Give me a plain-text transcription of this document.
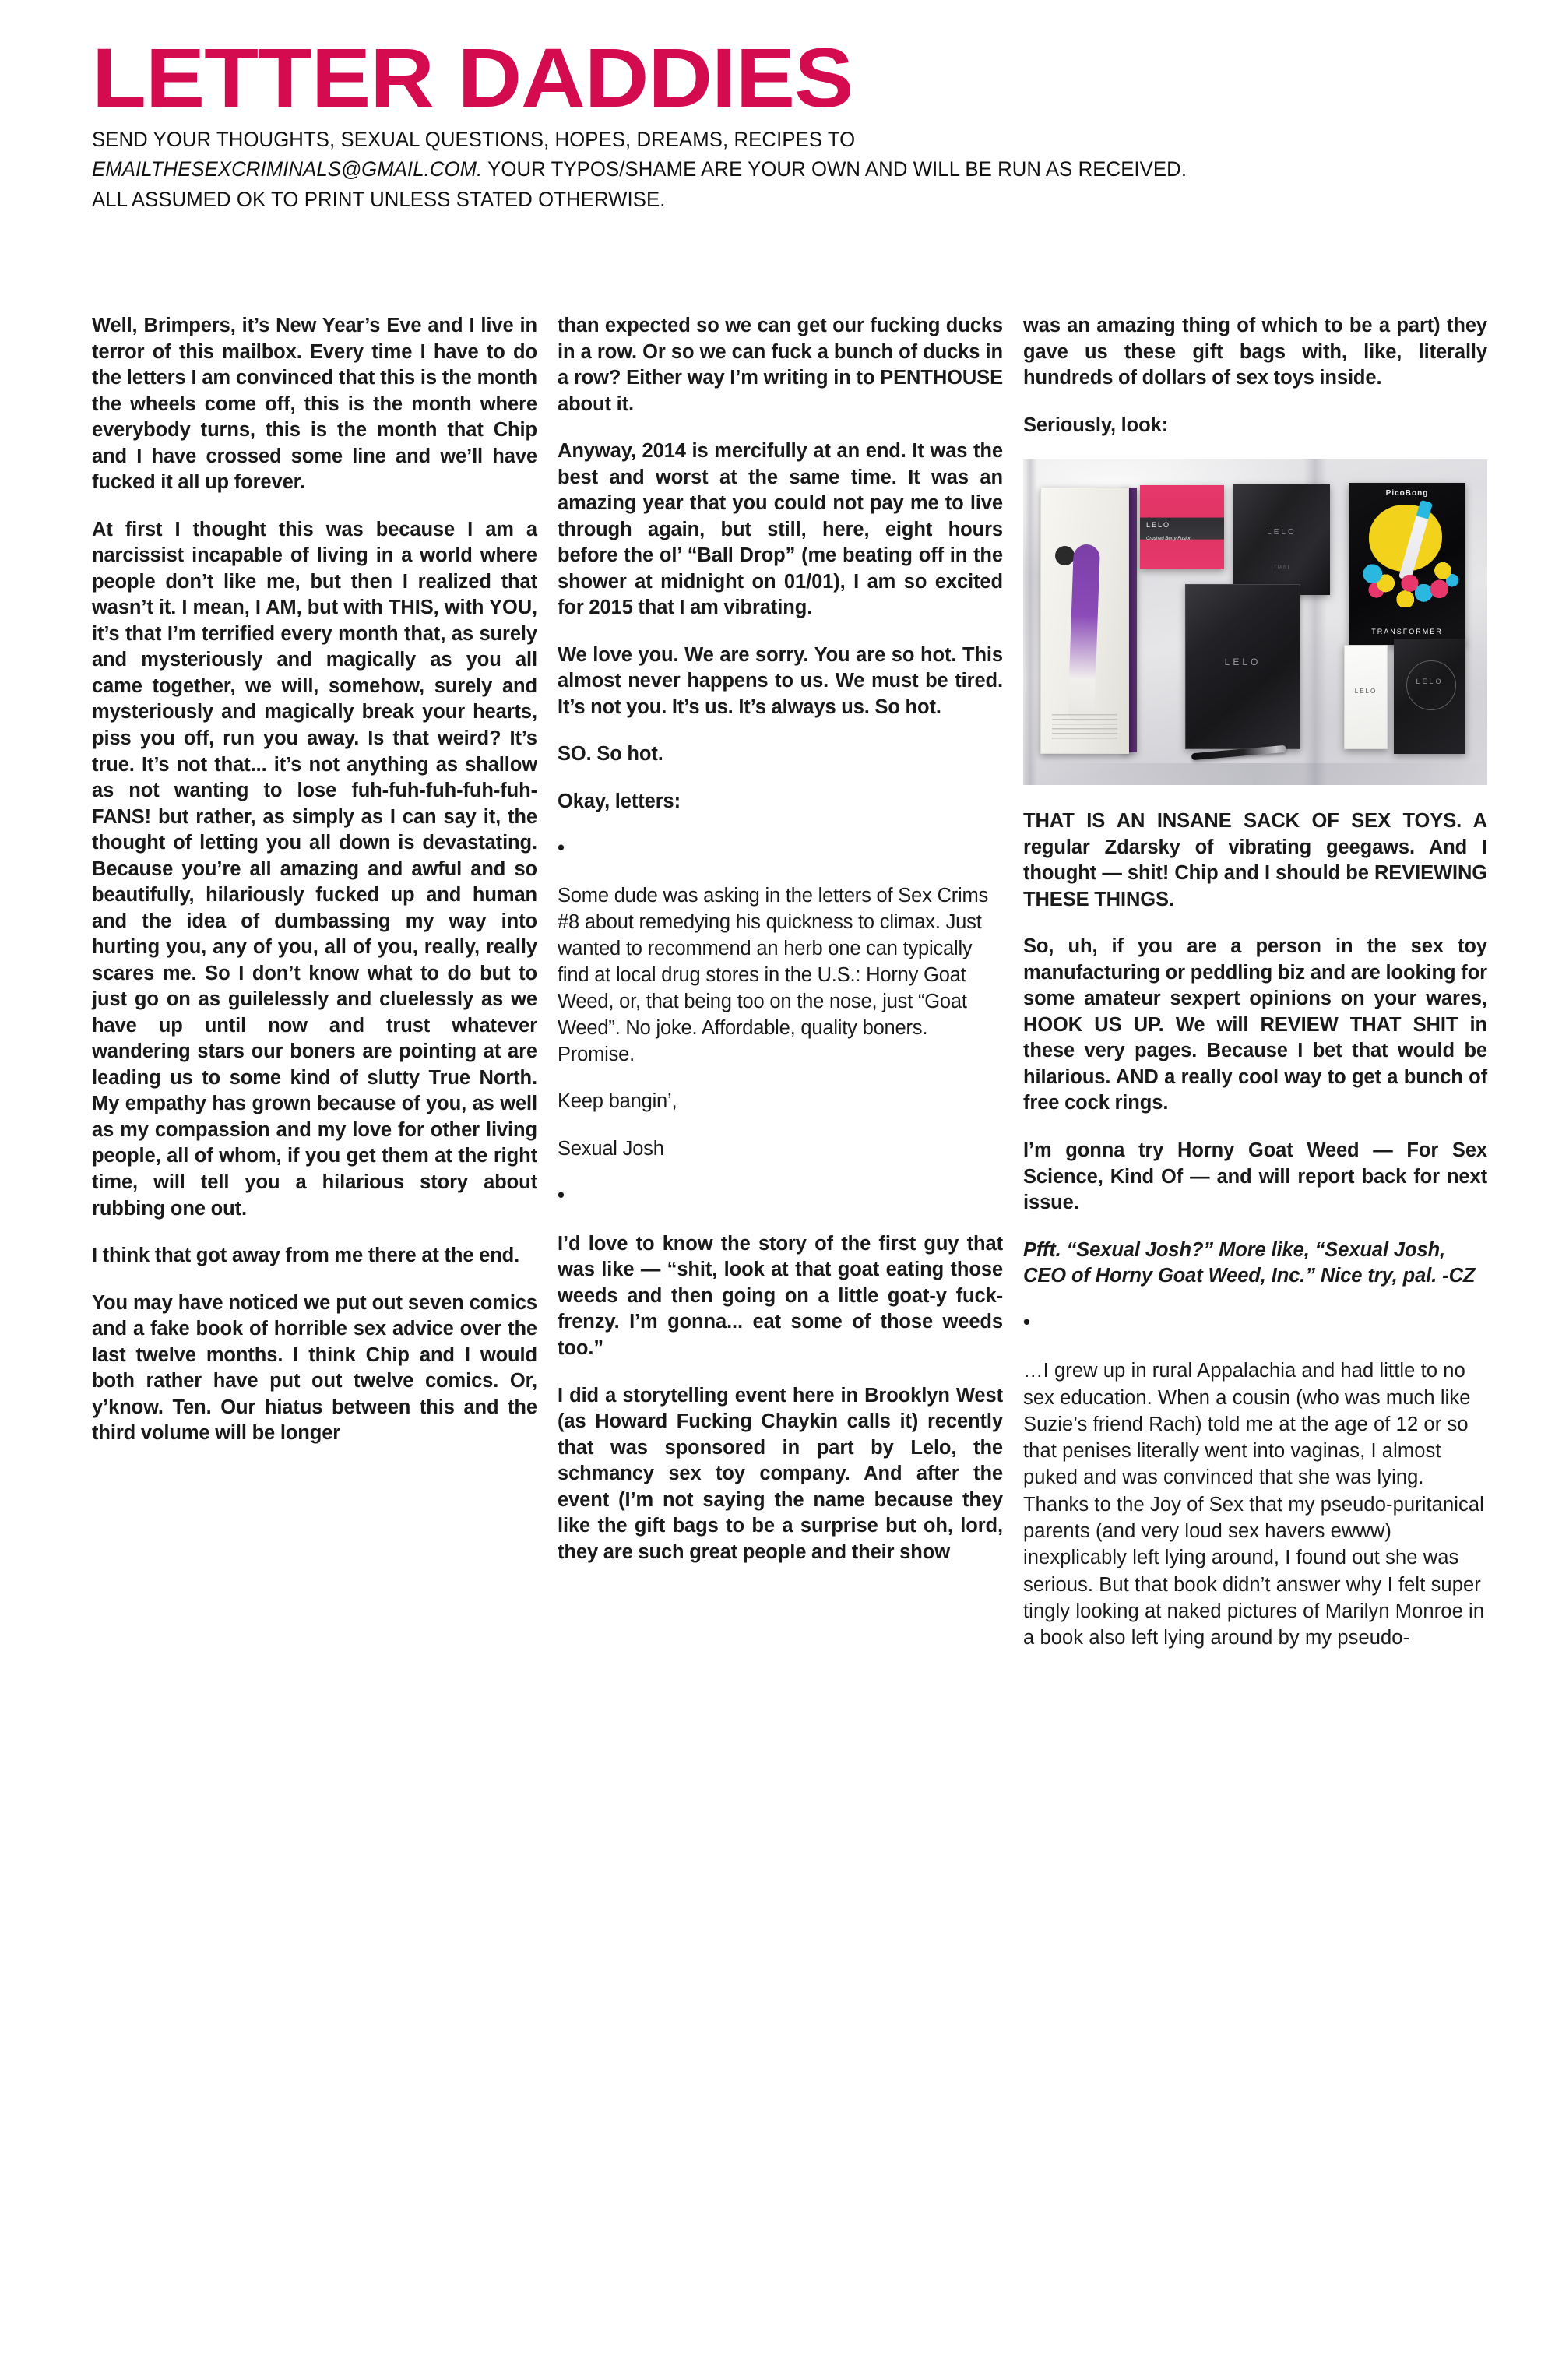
LETTER DADDIES

SEND YOUR THOUGHTS, SEXUAL QUESTIONS, HOPES, DREAMS, RECIPES TO
EMAILTHESEXCRIMINALS@GMAIL.COM. YOUR TYPOS/SHAME ARE YOUR OWN AND WILL BE RUN AS RECEIVED.
ALL ASSUMED OK TO PRINT UNLESS STATED OTHERWISE.

Well, Brimpers, it’s New Year’s Eve and I live in terror of this mailbox. Every time I have to do the letters I am convinced that this is the month the wheels come off, this is the month where everybody turns, this is the month that Chip and I have crossed some line and we’ll have fucked it all up forever.

At first I thought this was because I am a narcissist incapable of living in a world where people don’t like me, but then I realized that wasn’t it. I mean, I AM, but with THIS, with YOU, it’s that I’m terrified every month that, as surely and mysteriously and magically as you all came together, we will, somehow, surely and mysteriously and magically break your hearts, piss you off, run you away. Is that weird? It’s true. It’s not that... it’s not anything as shallow as not wanting to lose fuh-fuh-fuh-fuh-fuh-FANS! but rather, as simply as I can say it, the thought of letting you all down is devastating. Because you’re all amazing and awful and so beautifully, hilariously fucked up and human and the idea of dumbassing my way into hurting you, any of you, all of you, really, really scares me. So I don’t know what to do but to just go on as guilelessly and cluelessly as we have up until now and trust whatever wandering stars our boners are pointing at are leading us to some kind of slutty True North. My empathy has grown because of you, as well as my compassion and my love for other living people, all of whom, if you get them at the right time, will tell you a hilarious story about rubbing one out.

I think that got away from me there at the end.

You may have noticed we put out seven comics and a fake book of horrible sex advice over the last twelve months. I think Chip and I would both rather have put out twelve comics. Or, y’know. Ten. Our hiatus between this and the third volume will be longer

than expected so we can get our fucking ducks in a row. Or so we can fuck a bunch of ducks in a row? Either way I’m writing in to PENTHOUSE about it.

Anyway, 2014 is mercifully at an end. It was the best and worst at the same time. It was an amazing year that you could not pay me to live through again, but still, here, eight hours before the ol’ “Ball Drop” (me beating off in the shower at midnight on 01/01), I am so excited for 2015 that I am vibrating.

We love you. We are sorry. You are so hot. This almost never happens to us. We must be tired. It’s not you. It’s us. It’s always us. So hot.

SO. So hot.

Okay, letters:

•

Some dude was asking in the letters of Sex Crims #8 about remedying his quickness to climax. Just wanted to recommend an herb one can typically find at local drug stores in the U.S.: Horny Goat Weed, or, that being too on the nose, just “Goat Weed”. No joke. Affordable, quality boners. Promise.

Keep bangin’,

Sexual Josh

•

I’d love to know the story of the first guy that was like — “shit, look at that goat eating those weeds and then going on a little goat-y fuck-frenzy. I’m gonna... eat some of those weeds too.”

I did a storytelling event here in Brooklyn West (as Howard Fucking Chaykin calls it) recently that was sponsored in part by Lelo, the schmancy sex toy company. And after the event (I’m not saying the name because they like the gift bags to be a surprise but oh, lord, they are such great people and their show

was an amazing thing of which to be a part) they gave us these gift bags with, like, literally hundreds of dollars of sex toys inside.

Seriously, look:

LELO
Crushed Berry Fusion
LELO
TIANI
PicoBong
TRANSFORMER
LELO
LELO
LELO

THAT IS AN INSANE SACK OF SEX TOYS. A regular Zdarsky of vibrating geegaws. And I thought — shit! Chip and I should be REVIEWING THESE THINGS.

So, uh, if you are a person in the sex toy manufacturing or peddling biz and are looking for some amateur sexpert opinions on your wares, HOOK US UP. We will REVIEW THAT SHIT in these very pages. Because I bet that would be hilarious. AND a really cool way to get a bunch of free cock rings.

I’m gonna try Horny Goat Weed — For Sex Science, Kind Of — and will report back for next issue.

Pfft. “Sexual Josh?” More like, “Sexual Josh, CEO of Horny Goat Weed, Inc.” Nice try, pal. -CZ

•

…I grew up in rural Appalachia and had little to no sex education. When a cousin (who was much like Suzie’s friend Rach) told me at the age of 12 or so that penises literally went into vaginas, I almost puked and was convinced that she was lying. Thanks to the Joy of Sex that my pseudo-puritanical parents (and very loud sex havers ewww) inexplicably left lying around, I found out she was serious. But that book didn’t answer why I felt super tingly looking at naked pictures of Marilyn Monroe in a book also left lying around by my pseudo-
